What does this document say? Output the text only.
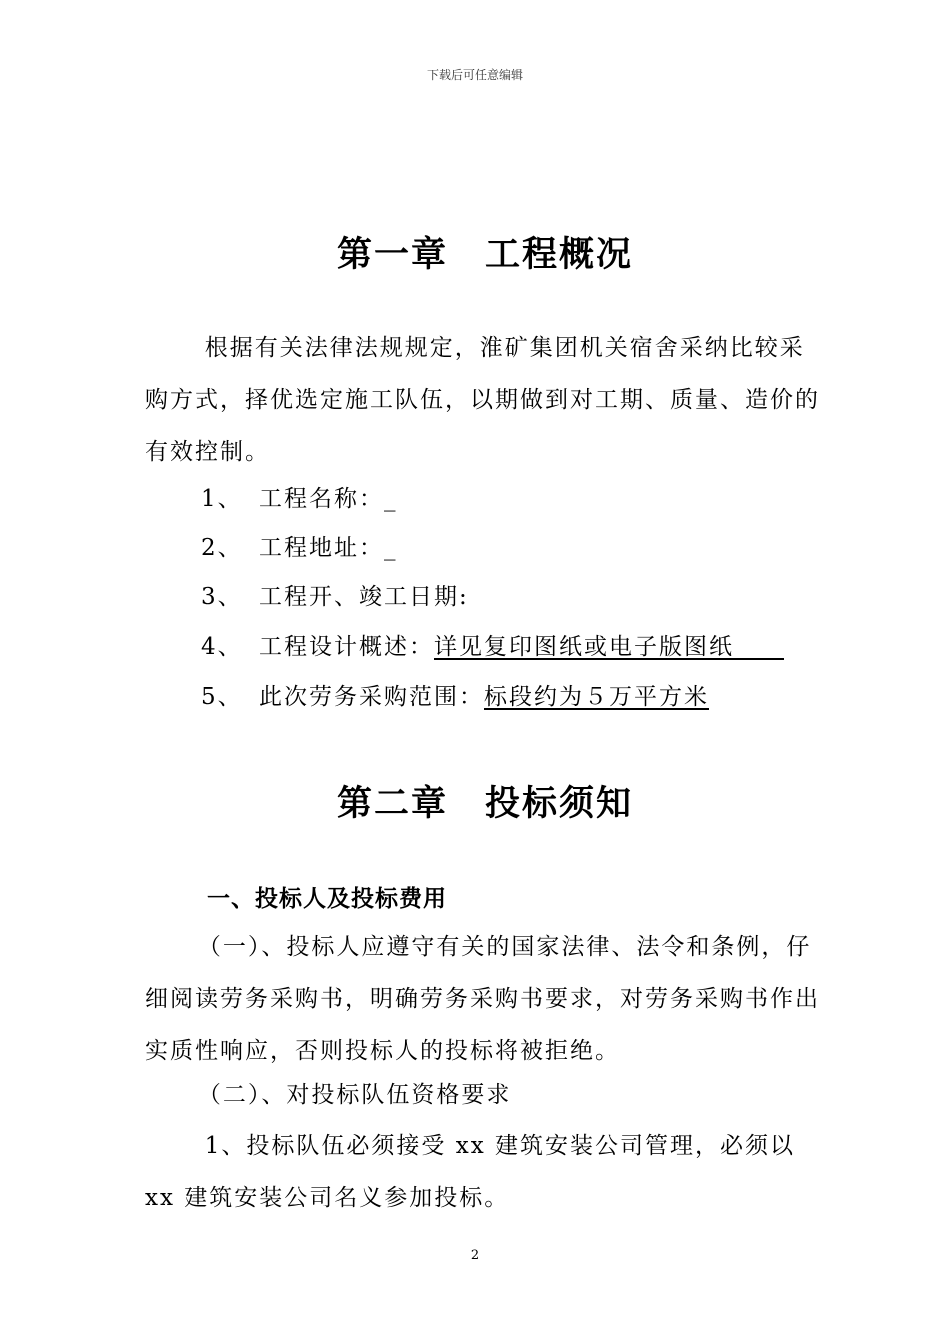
下载后可任意编辑
第一章　工程概况

根据有关法律法规规定，淮矿集团机关宿舍采纳比较采购方式，择优选定施工队伍，以期做到对工期、质量、造价的有效控制。

1、 工程名称：_
2、 工程地址：_
3、 工程开、竣工日期:
4、 工程设计概述：详见复印图纸或电子版图纸　　
5、 此次劳务采购范围：标段约为５万平方米
第二章　投标须知
一、投标人及投标费用

（一）、投标人应遵守有关的国家法律、法令和条例，仔细阅读劳务采购书，明确劳务采购书要求，对劳务采购书作出实质性响应，否则投标人的投标将被拒绝。

（二）、对投标队伍资格要求

1、投标队伍必须接受 xx 建筑安装公司管理，必须以 xx 建筑安装公司名义参加投标。

2
